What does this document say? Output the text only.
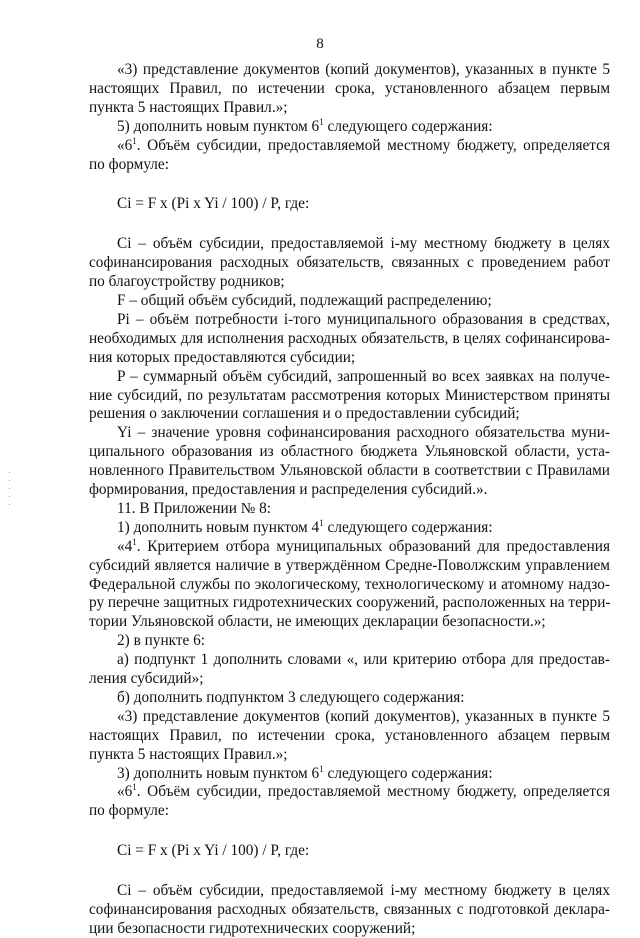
8
«3) представление документов (копий документов), указанных в пункте 5
настоящих Правил, по истечении срока, установленного абзацем первым
пункта 5 настоящих Правил.»;
5) дополнить новым пунктом $6^1$ следующего содержания:
«$6^1$. Объём субсидии, предоставляемой местному бюджету, определяется
по формуле:
Ci = F x (Pi x Yi / 100) / P, где:
Ci – объём субсидии, предоставляемой i-му местному бюджету в целях
софинансирования расходных обязательств, связанных с проведением работ
по благоустройству родников;
F – общий объём субсидий, подлежащий распределению;
Pi – объём потребности i-того муниципального образования в средствах,
необходимых для исполнения расходных обязательств, в целях софинансирова-
ния которых предоставляются субсидии;
P – суммарный объём субсидий, запрошенный во всех заявках на получе-
ние субсидий, по результатам рассмотрения которых Министерством приняты
решения о заключении соглашения и о предоставлении субсидий;
Yi – значение уровня софинансирования расходного обязательства муни-
ципального образования из областного бюджета Ульяновской области, уста-
новленного Правительством Ульяновской области в соответствии с Правилами
формирования, предоставления и распределения субсидий.».
11. В Приложении № 8:
1) дополнить новым пунктом $4^1$ следующего содержания:
«$4^1$. Критерием отбора муниципальных образований для предоставления
субсидий является наличие в утверждённом Средне-Поволжским управлением
Федеральной службы по экологическому, технологическому и атомному надзо-
ру перечне защитных гидротехнических сооружений, расположенных на терри-
тории Ульяновской области, не имеющих декларации безопасности.»;
2) в пункте 6:
а) подпункт 1 дополнить словами «, или критерию отбора для предостав-
ления субсидий»;
б) дополнить подпунктом 3 следующего содержания:
«3) представление документов (копий документов), указанных в пункте 5
настоящих Правил, по истечении срока, установленного абзацем первым
пункта 5 настоящих Правил.»;
3) дополнить новым пунктом $6^1$ следующего содержания:
«$6^1$. Объём субсидии, предоставляемой местному бюджету, определяется
по формуле:
Ci = F x (Pi x Yi / 100) / P, где:
Ci – объём субсидии, предоставляемой i-му местному бюджету в целях
софинансирования расходных обязательств, связанных с подготовкой деклара-
ции безопасности гидротехнических сооружений;
